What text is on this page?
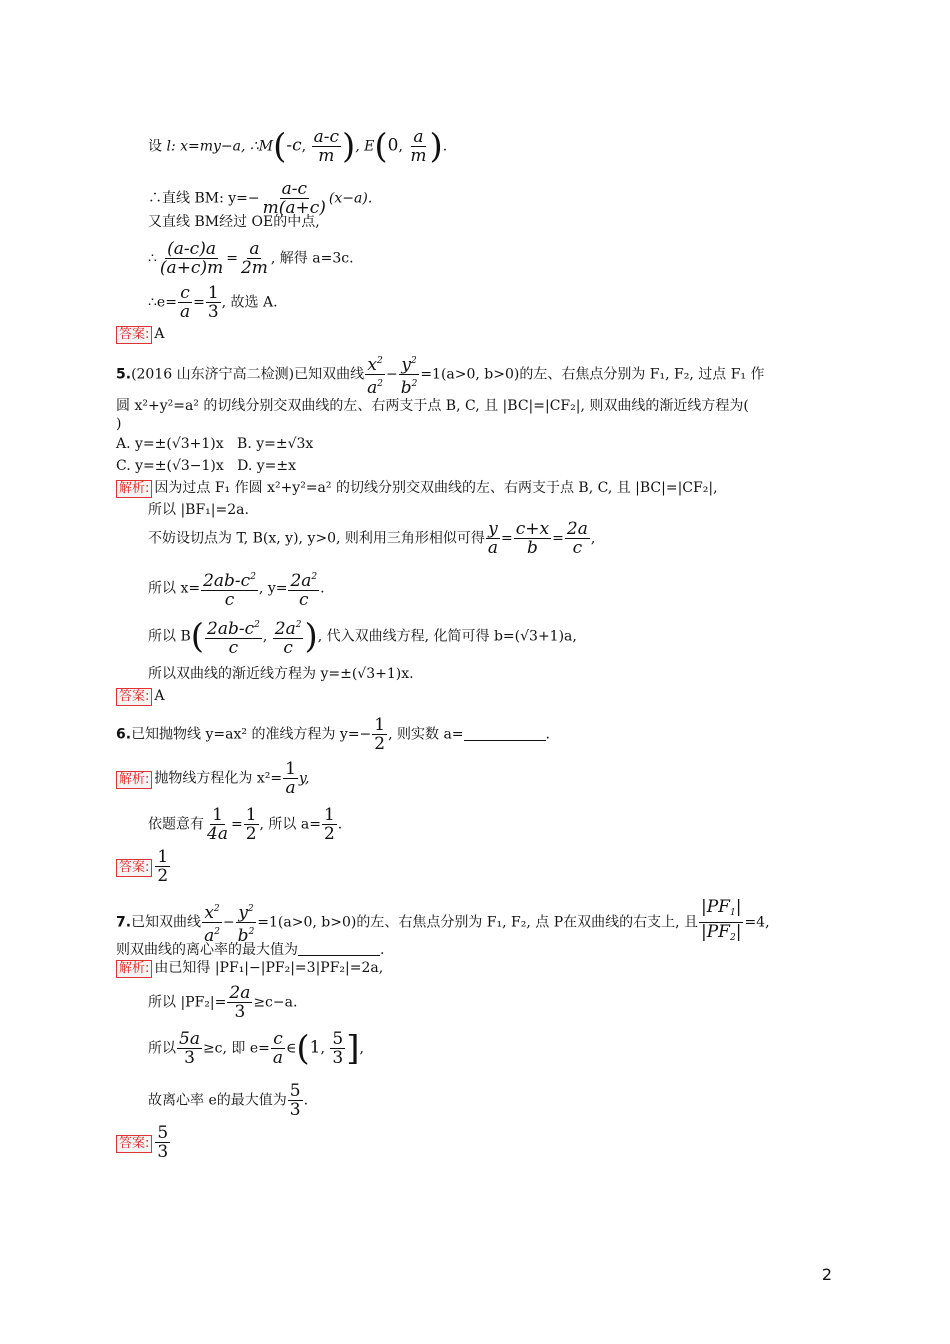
设 l: x=my−a, ∴M(-c, $\frac{a-c}{m}$ ), E(0, $\frac{a}{m}$ ).
∴直线 BM: $y=- \frac{a-c}{m(a+c)} (x-a)$.
又直线 BM经过 OE的中点,
∴ $\frac{(a-c)a}{(a+c)m} = \frac{a}{2m}$ , 解得 a=3c.
∴e= $\frac{c}{a} = \frac{1}{3}$ , 故选 A.
答案: A
5.(2016 山东济宁高二检测)已知双曲线 $\frac{x^2}{a^2} - \frac{y^2}{b^2} =1(a>0$, b>0)的左、右焦点分别为 F₁, F₂, 过点 F₁ 作
圆 x²+y²=a² 的切线分别交双曲线的左、右两支于点 B, C, 且 |BC|=|CF₂|, 则双曲线的渐近线方程为(
)
A. y=±(√3+1)x B. y=±√3x
C. y=±(√3−1)x D. y=±x
解析: 因为过点 F₁ 作圆 x²+y²=a² 的切线分别交双曲线的左、右两支于点 B, C, 且 |BC|=|CF₂|,
所以 |BF₁|=2a.
不妨设切点为 T, B(x, y), y>0, 则利用三角形相似可得 $\frac{y}{a} = \frac{c+x}{b} = \frac{2a}{c}$ ,
所以 $x= \frac{2ab-c^2}{c}$ , $y= \frac{2a^2}{c}$ .
所以 $B( \frac{2ab-c^2}{c}$ , $\frac{2a^2}{c}$ ), 代入双曲线方程, 化简可得 b=(√3+1)a,
所以双曲线的渐近线方程为 y=±(√3+1)x.
答案: A
6.已知抛物线 y=ax² 的准线方程为 $y=- \frac{1}{2}$ , 则实数 a=	.
解析: 抛物线方程化为 $x^2= \frac{1}{a} y$,
依题意有 $\frac{1}{4a} = \frac{1}{2}$ , 所以 $a= \frac{1}{2}$ .
答案: $\frac{1}{2}$
7.已知双曲线 $\frac{x^2}{a^2} - \frac{y^2}{b^2} =1(a>0$, b>0)的左、右焦点分别为 F₁, F₂, 点 P在双曲线的右支上, 且 $\frac{|PF_1|}{|PF_2|} =4$,
则双曲线的离心率的最大值为	.
解析: 由已知得 |PF₁|−|PF₂|=3|PF₂|=2a,
所以 $|PF_2|= \frac{2a}{3} \ge c-a$.
所以 $\frac{5a}{3} \ge c$, 即 $e= \frac{c}{a}$ ∈(1, $\frac{5}{3}$ ],
故离心率 e的最大值为 $\frac{5}{3}$ .
答案: $\frac{5}{3}$
2
